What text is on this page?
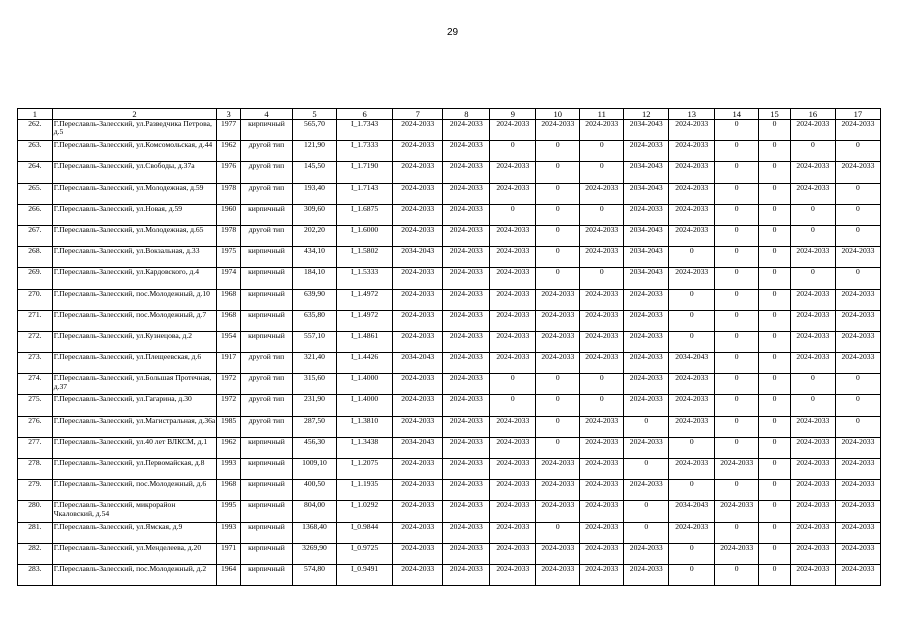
29
1	2	3	4	5	6	7	8	9	10	11	12	13	14	15	16	17
262.	Г.Переславль-Залесский, ул.Разведчика Петрова, д.5	1977	кирпичный	565,70	I_1.7343	2024-2033	2024-2033	2024-2033	2024-2033	2024-2033	2034-2043	2024-2033	0	0	2024-2033	2024-2033
263.	Г.Переславль-Залесский, ул.Комсомольская, д.44	1962	другой тип	121,90	I_1.7333	2024-2033	2024-2033	0	0	0	2024-2033	2024-2033	0	0	0	0
264.	Г.Переславль-Залесский, ул.Свободы, д.37а	1976	другой тип	145,50	I_1.7190	2024-2033	2024-2033	2024-2033	0	0	2034-2043	2024-2033	0	0	2024-2033	2024-2033
265.	Г.Переславль-Залесский, ул.Молодежная, д.59	1978	другой тип	193,40	I_1.7143	2024-2033	2024-2033	2024-2033	0	2024-2033	2034-2043	2024-2033	0	0	2024-2033	0
266.	Г.Переславль-Залесский, ул.Новая, д.59	1960	кирпичный	309,60	I_1.6875	2024-2033	2024-2033	0	0	0	2024-2033	2024-2033	0	0	0	0
267.	Г.Переславль-Залесский, ул.Молодежная, д.65	1978	другой тип	202,20	I_1.6000	2024-2033	2024-2033	2024-2033	0	2024-2033	2034-2043	2024-2033	0	0	0	0
268.	Г.Переславль-Залесский, ул.Вокзальная, д.33	1975	кирпичный	434,10	I_1.5802	2034-2043	2024-2033	2024-2033	0	2024-2033	2034-2043	0	0	0	2024-2033	2024-2033
269.	Г.Переславль-Залесский, ул.Кардовского, д.4	1974	кирпичный	184,10	I_1.5333	2024-2033	2024-2033	2024-2033	0	0	2034-2043	2024-2033	0	0	0	0
270.	Г.Переславль-Залесский, пос.Молодежный, д.10	1968	кирпичный	639,90	I_1.4972	2024-2033	2024-2033	2024-2033	2024-2033	2024-2033	2024-2033	0	0	0	2024-2033	2024-2033
271.	Г.Переславль-Залесский, пос.Молодежный, д.7	1968	кирпичный	635,80	I_1.4972	2024-2033	2024-2033	2024-2033	2024-2033	2024-2033	2024-2033	0	0	0	2024-2033	2024-2033
272.	Г.Переславль-Залесский, ул.Кузнецова, д.2	1954	кирпичный	557,10	I_1.4861	2024-2033	2024-2033	2024-2033	2024-2033	2024-2033	2024-2033	0	0	0	2024-2033	2024-2033
273.	Г.Переславль-Залесский, ул.Плещеевская, д.6	1917	другой тип	321,40	I_1.4426	2034-2043	2024-2033	2024-2033	2024-2033	2024-2033	2024-2033	2034-2043	0	0	2024-2033	2024-2033
274.	Г.Переславль-Залесский, ул.Большая Протечная, д.37	1972	другой тип	315,60	I_1.4000	2024-2033	2024-2033	0	0	0	2024-2033	2024-2033	0	0	0	0
275.	Г.Переславль-Залесский, ул.Гагарина, д.30	1972	другой тип	231,90	I_1.4000	2024-2033	2024-2033	0	0	0	2024-2033	2024-2033	0	0	0	0
276.	Г.Переславль-Залесский, ул.Магистральная, д.36а	1985	другой тип	287,50	I_1.3810	2024-2033	2024-2033	2024-2033	0	2024-2033	0	2024-2033	0	0	2024-2033	0
277.	Г.Переславль-Залесский, ул.40 лет ВЛКСМ, д.1	1962	кирпичный	456,30	I_1.3438	2034-2043	2024-2033	2024-2033	0	2024-2033	2024-2033	0	0	0	2024-2033	2024-2033
278.	Г.Переславль-Залесский, ул.Первомайская, д.8	1993	кирпичный	1009,10	I_1.2075	2024-2033	2024-2033	2024-2033	2024-2033	2024-2033	0	2024-2033	2024-2033	0	2024-2033	2024-2033
279.	Г.Переславль-Залесский, пос.Молодежный, д.6	1968	кирпичный	400,50	I_1.1935	2024-2033	2024-2033	2024-2033	2024-2033	2024-2033	2024-2033	0	0	0	2024-2033	2024-2033
280.	Г.Переславль-Залесский, микрорайон Чкаловский, д.54	1995	кирпичный	804,00	I_1.0292	2024-2033	2024-2033	2024-2033	2024-2033	2024-2033	0	2034-2043	2024-2033	0	2024-2033	2024-2033
281.	Г.Переславль-Залесский, ул.Ямская, д.9	1993	кирпичный	1368,40	I_0.9844	2024-2033	2024-2033	2024-2033	0	2024-2033	0	2024-2033	0	0	2024-2033	2024-2033
282.	Г.Переславль-Залесский, ул.Менделеева, д.20	1971	кирпичный	3269,90	I_0.9725	2024-2033	2024-2033	2024-2033	2024-2033	2024-2033	2024-2033	0	2024-2033	0	2024-2033	2024-2033
283.	Г.Переславль-Залесский, пос.Молодежный, д.2	1964	кирпичный	574,80	I_0.9491	2024-2033	2024-2033	2024-2033	2024-2033	2024-2033	2024-2033	0	0	0	2024-2033	2024-2033
